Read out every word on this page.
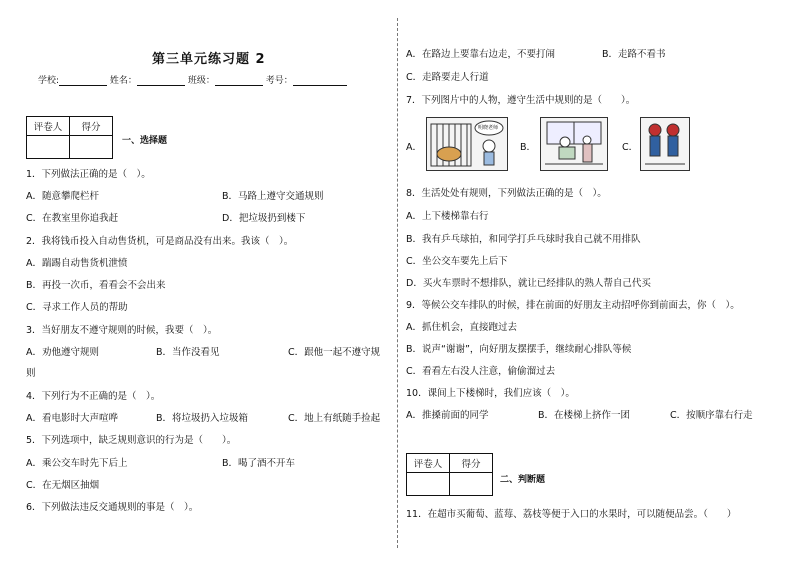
第三单元练习题 2
学校:	姓名：	班级：	考号：
评卷人	得分

一、选择题
1．下列做法正确的是（　）。
A．随意攀爬栏杆	B．马路上遵守交通规则
C．在教室里你追我赶	D．把垃圾扔到楼下
2．我将钱币投入自动售货机，可是商品没有出来。我该（　）。
A．踹踢自动售货机泄愤
B．再投一次币，看看会不会出来
C．寻求工作人员的帮助
3．当好朋友不遵守规则的时候，我要（　）。
A．劝他遵守规则	B．当作没看见	C．跟他一起不遵守规
则
4．下列行为不正确的是（　）。
A．看电影时大声喧哗	B．将垃圾扔入垃圾箱	C．地上有纸随手捡起
5．下列选项中，缺乏规则意识的行为是（　　）。
A．乘公交车时先下后上	B．喝了酒不开车
C．在无烟区抽烟
6．下列做法违反交通规则的事是（　）。
A．在路边上要靠右边走，不要打闹	B．走路不看书
C．走路要走人行道
7．下列图片中的人物，遵守生活中规则的是（　　）。
A．
明晓老师
B．	C．
8．生活处处有规则，下列做法正确的是（　）。
A．上下楼梯靠右行
B．我有乒乓球拍，和同学打乒乓球时我自己就不用排队
C．坐公交车要先上后下
D．买火车票时不想排队，就让已经排队的熟人帮自己代买
9．等候公交车排队的时候，排在前面的好朋友主动招呼你到前面去，你（　）。
A．抓住机会，直接跑过去
B．说声“谢谢”，向好朋友摆摆手，继续耐心排队等候
C．看看左右没人注意，偷偷溜过去
10．课间上下楼梯时，我们应该（　）。
A．推搡前面的同学	B．在楼梯上挤作一团	C．按顺序靠右行走
评卷人	得分

二、判断题
11．在超市买葡萄、蓝莓、荔枝等便于入口的水果时，可以随便品尝。（　　）
